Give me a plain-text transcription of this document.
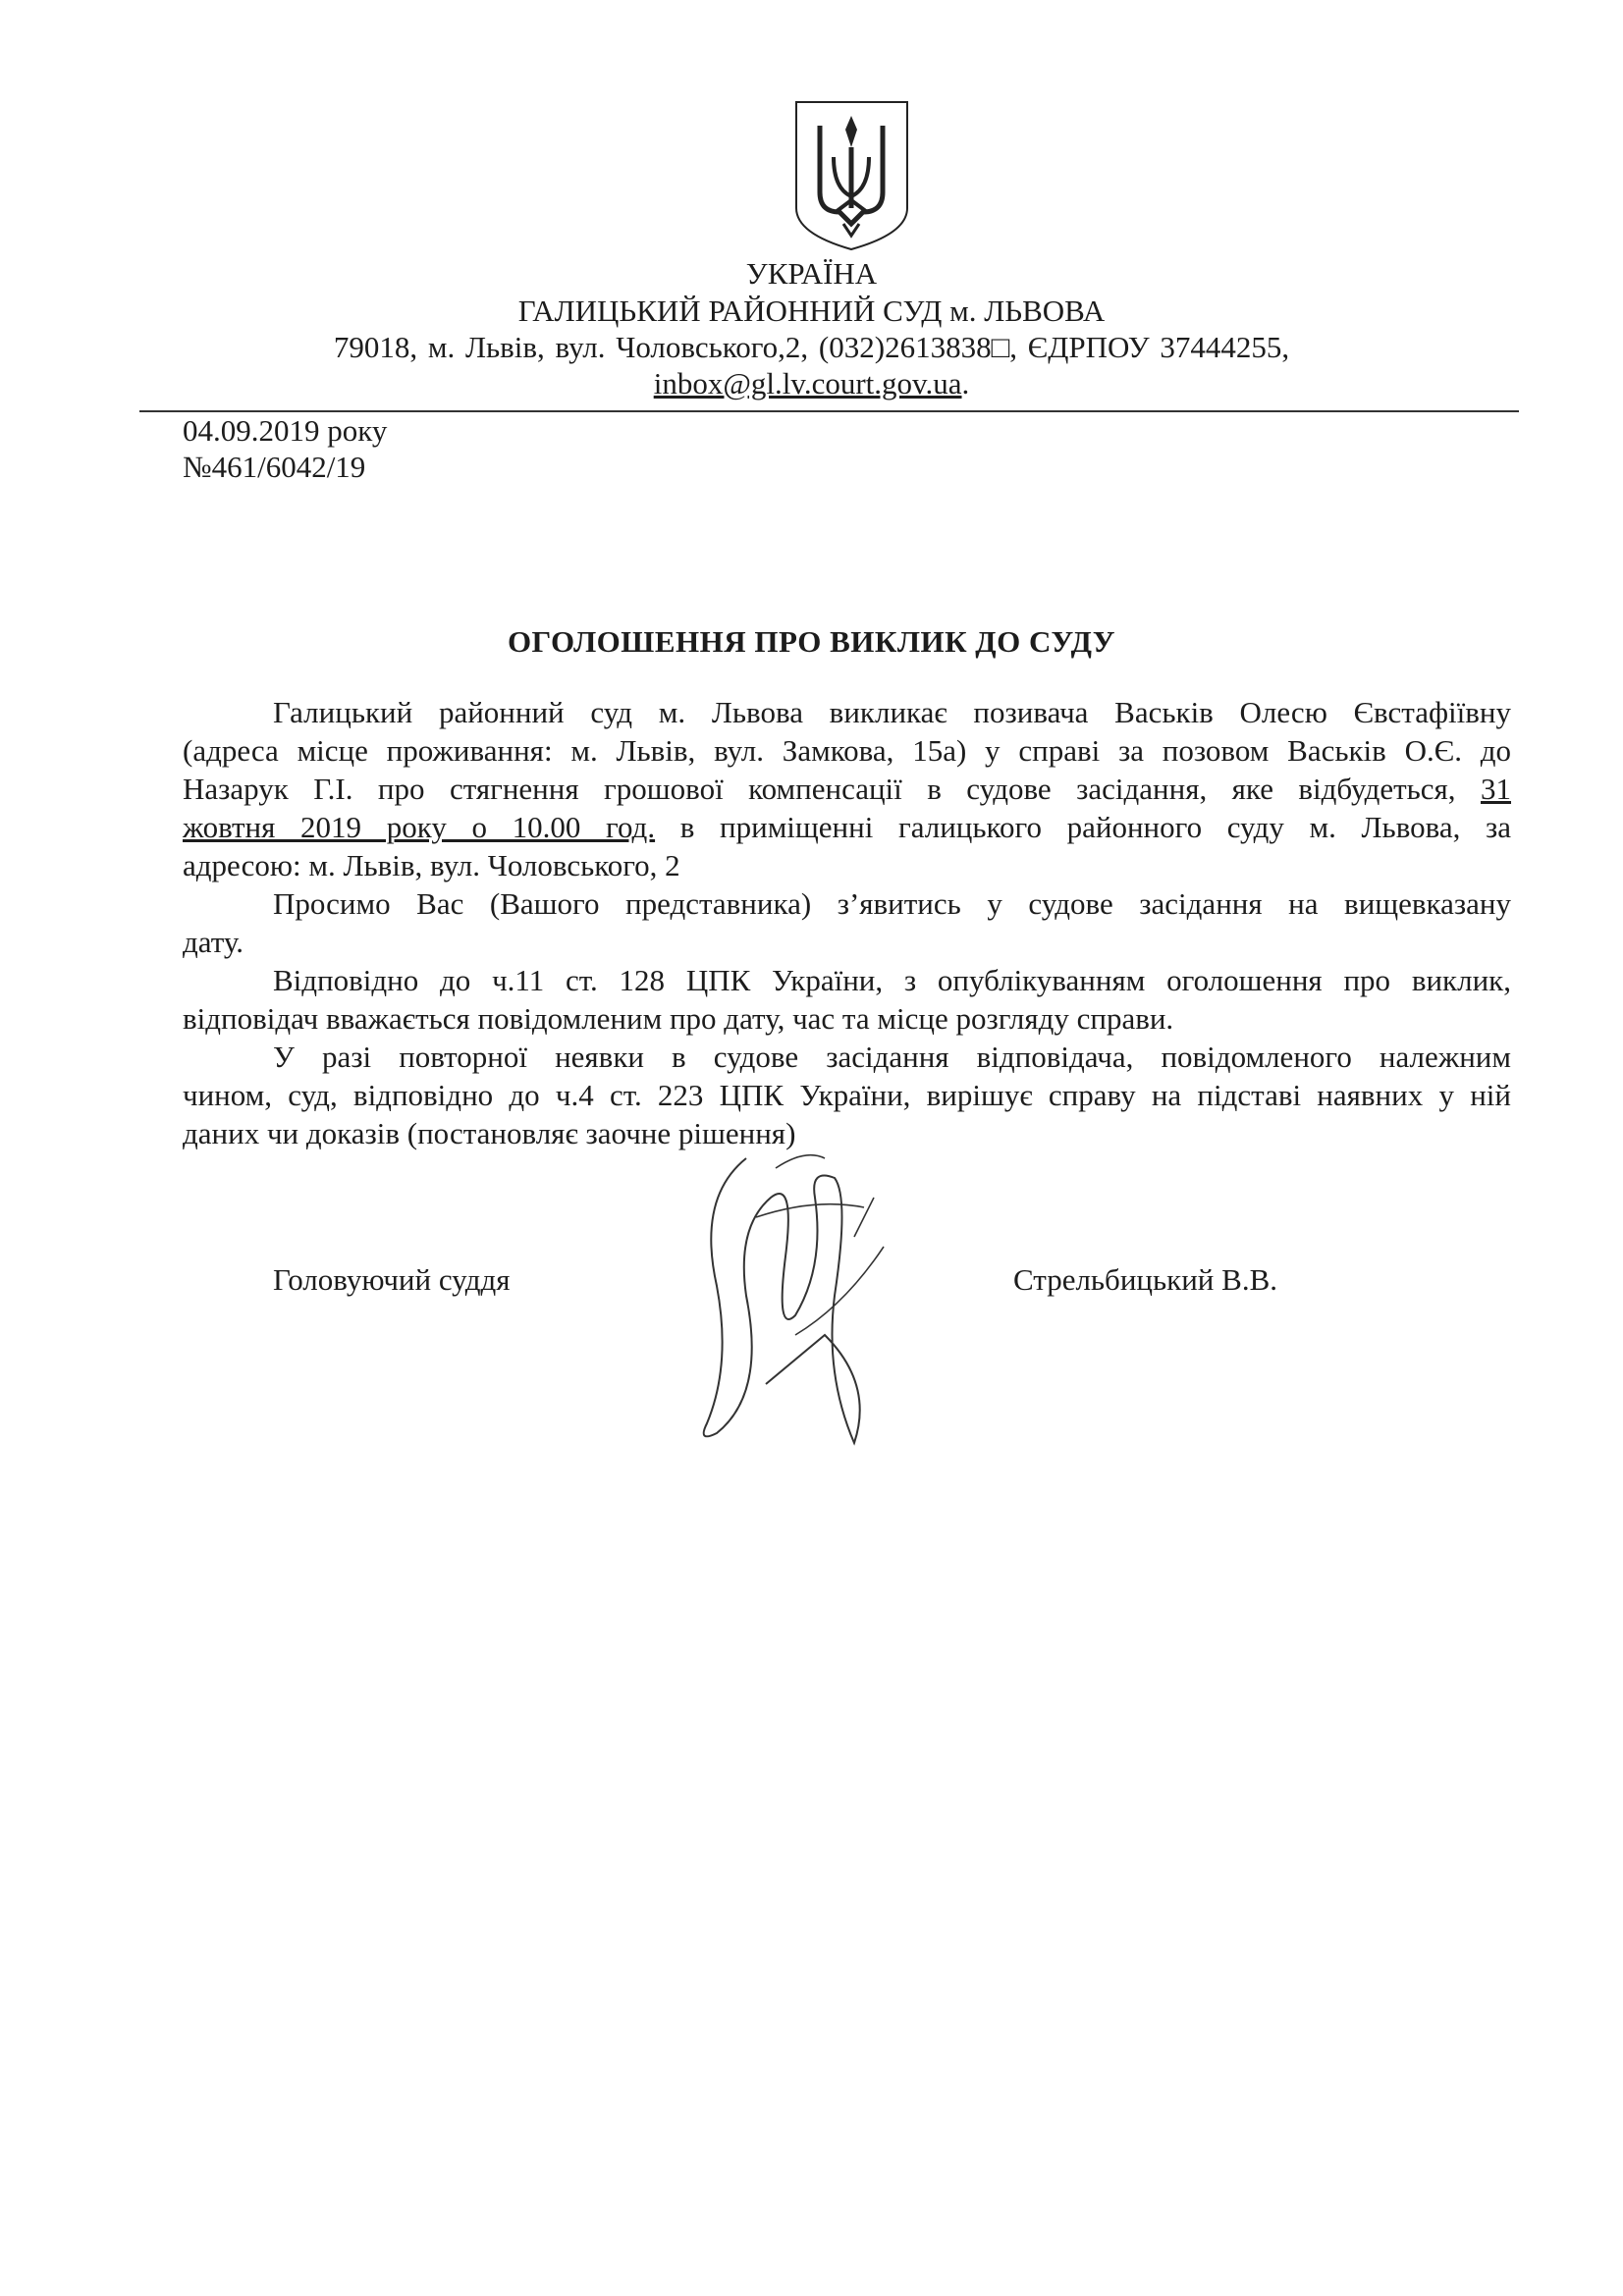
УКРАЇНА
ГАЛИЦЬКИЙ РАЙОННИЙ СУД м. ЛЬВОВА
79018, м. Львів, вул. Чоловського,2, (032)2613838□, ЄДРПОУ 37444255,
inbox@gl.lv.court.gov.ua.
04.09.2019 року
№461/6042/19
ОГОЛОШЕННЯ ПРО ВИКЛИК ДО СУДУ
Галицький районний суд м. Львова викликає позивача Васьків Олесю Євстафіївну
(адреса місце проживання: м. Львів, вул. Замкова, 15а) у справі за позовом Васьків О.Є. до
Назарук Г.І. про стягнення грошової компенсації в судове засідання, яке відбудеться, 31
жовтня 2019 року о 10.00 год. в приміщенні галицького районного суду м. Львова, за
адресою: м. Львів, вул. Чоловського, 2
Просимо Вас (Вашого представника) з’явитись у судове засідання на вищевказану
дату.
Відповідно до ч.11 ст. 128 ЦПК України, з опублікуванням оголошення про виклик,
відповідач вважається повідомленим про дату, час та місце розгляду справи.
У разі повторної неявки в судове засідання відповідача, повідомленого належним
чином, суд, відповідно до ч.4 ст. 223 ЦПК України, вирішує справу на підставі наявних у ній
даних чи доказів (постановляє заочне рішення)
Головуючий суддя	Стрельбицький В.В.
